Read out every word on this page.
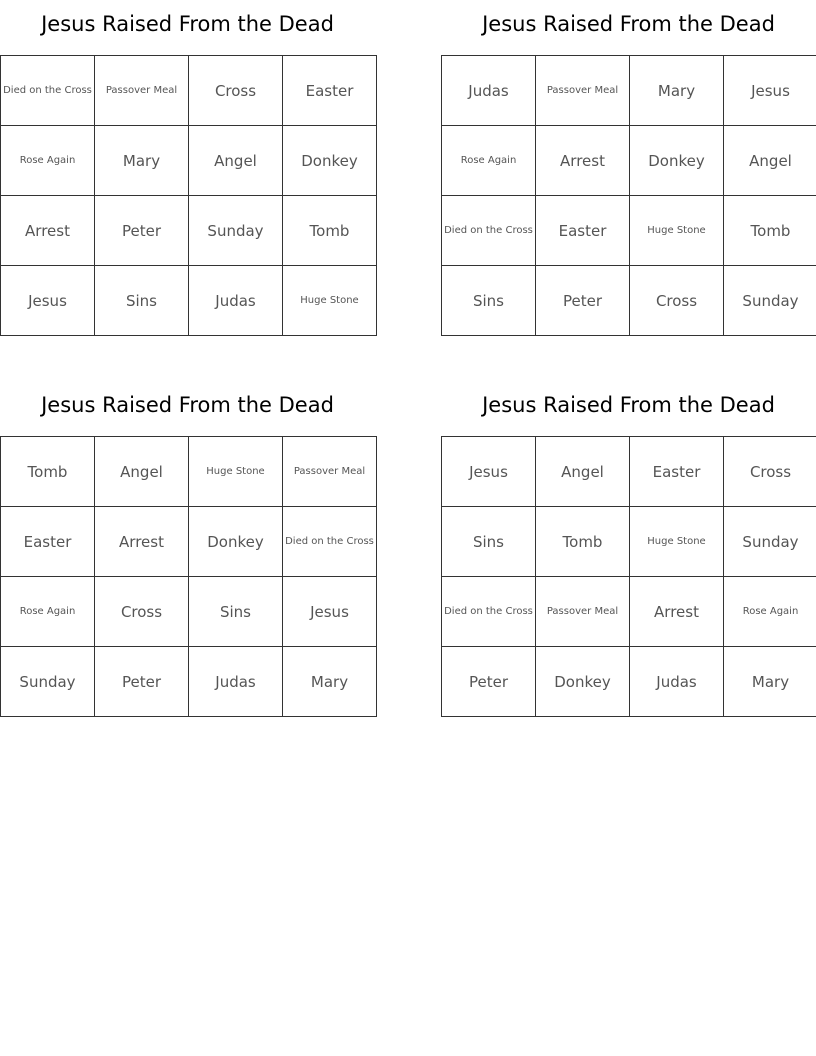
Jesus Raised From the Dead
Died on the Cross	Passover Meal	Cross	Easter
Rose Again	Mary	Angel	Donkey
Arrest	Peter	Sunday	Tomb
Jesus	Sins	Judas	Huge Stone
Jesus Raised From the Dead
Judas	Passover Meal	Mary	Jesus
Rose Again	Arrest	Donkey	Angel
Died on the Cross	Easter	Huge Stone	Tomb
Sins	Peter	Cross	Sunday
Jesus Raised From the Dead
Tomb	Angel	Huge Stone	Passover Meal
Easter	Arrest	Donkey	Died on the Cross
Rose Again	Cross	Sins	Jesus
Sunday	Peter	Judas	Mary
Jesus Raised From the Dead
Jesus	Angel	Easter	Cross
Sins	Tomb	Huge Stone	Sunday
Died on the Cross	Passover Meal	Arrest	Rose Again
Peter	Donkey	Judas	Mary
